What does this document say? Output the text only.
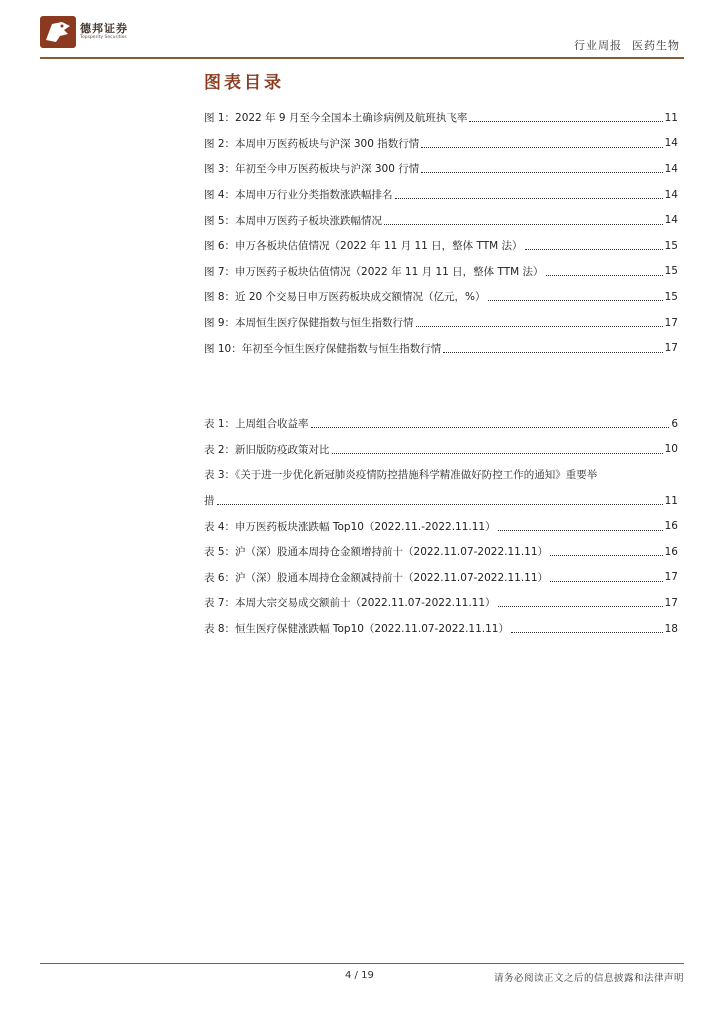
德邦证券
Topsperity Securities
行业周报 医药生物
图表目录
图 1：2022 年 9 月至今全国本土确诊病例及航班执飞率	11
图 2：本周申万医药板块与沪深 300 指数行情	14
图 3：年初至今申万医药板块与沪深 300 行情	14
图 4：本周申万行业分类指数涨跌幅排名	14
图 5：本周申万医药子板块涨跌幅情况	14
图 6：申万各板块估值情况（2022 年 11 月 11 日，整体 TTM 法）	15
图 7：申万医药子板块估值情况（2022 年 11 月 11 日，整体 TTM 法）	15
图 8：近 20 个交易日申万医药板块成交额情况（亿元，%）	15
图 9：本周恒生医疗保健指数与恒生指数行情	17
图 10：年初至今恒生医疗保健指数与恒生指数行情	17
表 1：上周组合收益率	6
表 2：新旧版防疫政策对比	10
表 3：《关于进一步优化新冠肺炎疫情防控措施科学精准做好防控工作的通知》重要举
措	11
表 4：申万医药板块涨跌幅 Top10（2022.11.-2022.11.11）	16
表 5：沪（深）股通本周持仓金额增持前十（2022.11.07-2022.11.11）	16
表 6：沪（深）股通本周持仓金额减持前十（2022.11.07-2022.11.11）	17
表 7：本周大宗交易成交额前十（2022.11.07-2022.11.11）	17
表 8：恒生医疗保健涨跌幅 Top10（2022.11.07-2022.11.11）	18
4 / 19	请务必阅读正文之后的信息披露和法律声明
